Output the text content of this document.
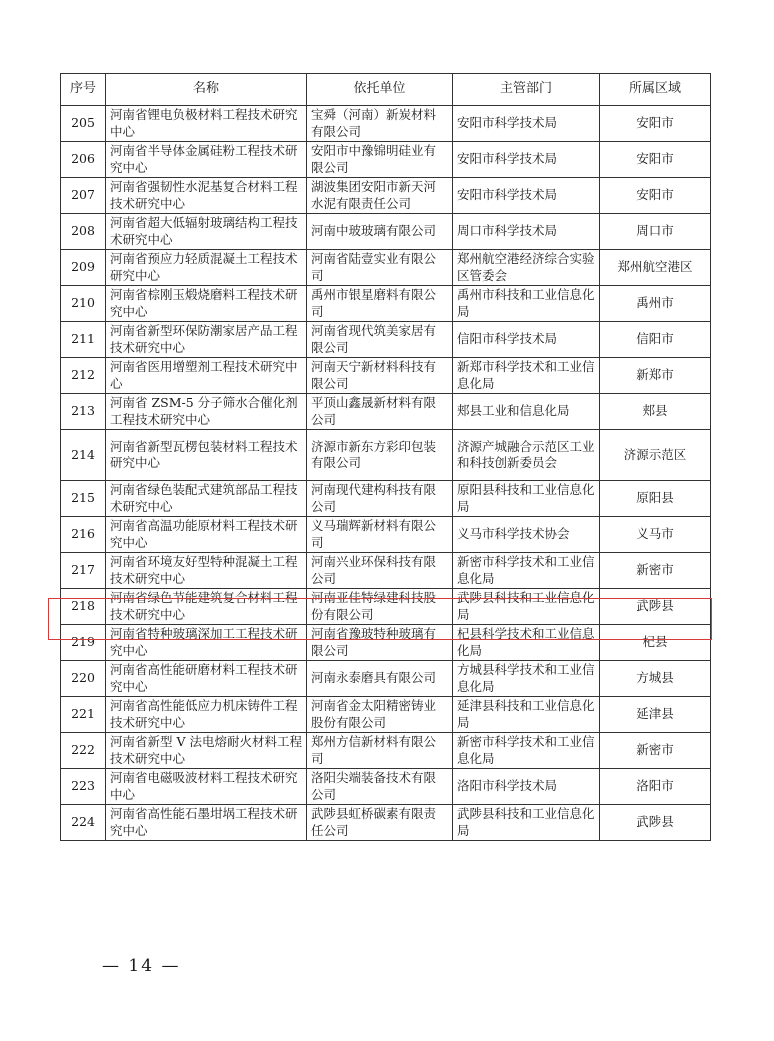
序号	名称	依托单位	主管部门	所属区域
205	河南省锂电负极材料工程技术研究中心	宝舜（河南）新炭材料有限公司	安阳市科学技术局	安阳市
206	河南省半导体金属硅粉工程技术研究中心	安阳市中豫锦明硅业有限公司	安阳市科学技术局	安阳市
207	河南省强韧性水泥基复合材料工程技术研究中心	湖波集团安阳市新天河水泥有限责任公司	安阳市科学技术局	安阳市
208	河南省超大低辐射玻璃结构工程技术研究中心	河南中玻玻璃有限公司	周口市科学技术局	周口市
209	河南省预应力轻质混凝土工程技术研究中心	河南省陆壹实业有限公司	郑州航空港经济综合实验区管委会	郑州航空港区
210	河南省棕刚玉煅烧磨料工程技术研究中心	禹州市银星磨料有限公司	禹州市科技和工业信息化局	禹州市
211	河南省新型环保防潮家居产品工程技术研究中心	河南省现代筑美家居有限公司	信阳市科学技术局	信阳市
212	河南省医用增塑剂工程技术研究中心	河南天宁新材料科技有限公司	新郑市科学技术和工业信息化局	新郑市
213	河南省 ZSM-5 分子筛水合催化剂工程技术研究中心	平顶山鑫晟新材料有限公司	郏县工业和信息化局	郏县
214	河南省新型瓦楞包装材料工程技术研究中心	济源市新东方彩印包装有限公司	济源产城融合示范区工业和科技创新委员会	济源示范区
215	河南省绿色装配式建筑部品工程技术研究中心	河南现代建构科技有限公司	原阳县科技和工业信息化局	原阳县
216	河南省高温功能原材料工程技术研究中心	义马瑞辉新材料有限公司	义马市科学技术协会	义马市
217	河南省环境友好型特种混凝土工程技术研究中心	河南兴业环保科技有限公司	新密市科学技术和工业信息化局	新密市
218	河南省绿色节能建筑复合材料工程技术研究中心	河南亚佳特绿建科技股份有限公司	武陟县科技和工业信息化局	武陟县
219	河南省特种玻璃深加工工程技术研究中心	河南省豫玻特种玻璃有限公司	杞县科学技术和工业信息化局	杞县
220	河南省高性能研磨材料工程技术研究中心	河南永泰磨具有限公司	方城县科学技术和工业信息化局	方城县
221	河南省高性能低应力机床铸件工程技术研究中心	河南省金太阳精密铸业股份有限公司	延津县科技和工业信息化局	延津县
222	河南省新型 V 法电熔耐火材料工程技术研究中心	郑州方信新材料有限公司	新密市科学技术和工业信息化局	新密市
223	河南省电磁吸波材料工程技术研究中心	洛阳尖端装备技术有限公司	洛阳市科学技术局	洛阳市
224	河南省高性能石墨坩埚工程技术研究中心	武陟县虹桥碳素有限责任公司	武陟县科技和工业信息化局	武陟县
— 14 —
